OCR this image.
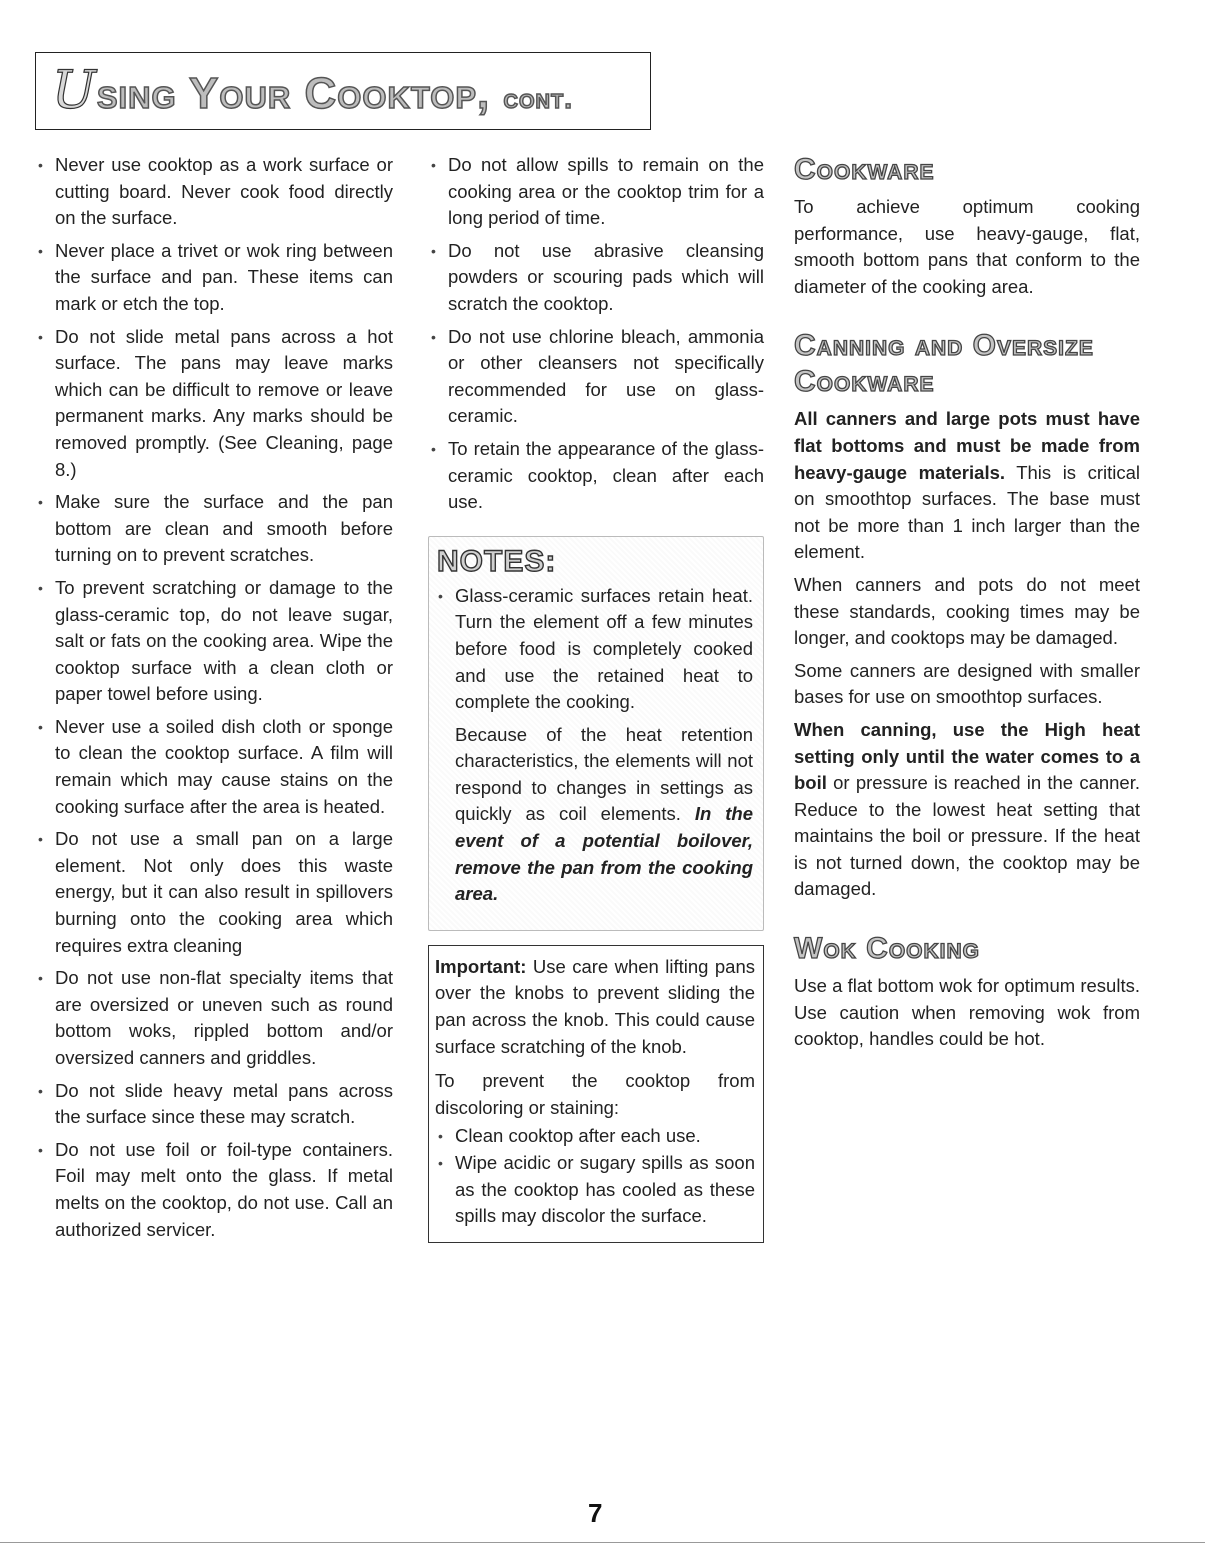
Using Your Cooktop, cont.
• Never use cooktop as a work surface or cutting board. Never cook food directly on the surface.
• Never place a trivet or wok ring between the surface and pan. These items can mark or etch the top.
• Do not slide metal pans across a hot surface. The pans may leave marks which can be difficult to remove or leave permanent marks. Any marks should be removed promptly. (See Cleaning, page 8.)
• Make sure the surface and the pan bottom are clean and smooth before turning on to prevent scratches.
• To prevent scratching or damage to the glass-ceramic top, do not leave sugar, salt or fats on the cooking area. Wipe the cooktop surface with a clean cloth or paper towel before using.
• Never use a soiled dish cloth or sponge to clean the cooktop surface. A film will remain which may cause stains on the cooking surface after the area is heated.
• Do not use a small pan on a large element. Not only does this waste energy, but it can also result in spillovers burning onto the cooking area which requires extra cleaning
• Do not use non-flat specialty items that are oversized or uneven such as round bottom woks, rippled bottom and/or oversized canners and griddles.
• Do not slide heavy metal pans across the surface since these may scratch.
• Do not use foil or foil-type containers. Foil may melt onto the glass. If metal melts on the cooktop, do not use. Call an authorized servicer.
• Do not allow spills to remain on the cooking area or the cooktop trim for a long period of time.
• Do not use abrasive cleansing powders or scouring pads which will scratch the cooktop.
• Do not use chlorine bleach, ammonia or other cleansers not specifically recommended for use on glass-ceramic.
• To retain the appearance of the glass-ceramic cooktop, clean after each use.
NOTES:
• Glass-ceramic surfaces retain heat. Turn the element off a few minutes before food is completely cooked and use the retained heat to complete the cooking.

Because of the heat retention characteristics, the elements will not respond to changes in settings as quickly as coil elements. In the event of a potential boilover, remove the pan from the cooking area.

Important: Use care when lifting pans over the knobs to prevent sliding the pan across the knob. This could cause surface scratching of the knob.

To prevent the cooktop from discoloring or staining:

• Clean cooktop after each use.
• Wipe acidic or sugary spills as soon as the cooktop has cooled as these spills may discolor the surface.
Cookware

To achieve optimum cooking performance, use heavy-gauge, flat, smooth bottom pans that conform to the diameter of the cooking area.

Canning and Oversize Cookware

All canners and large pots must have flat bottoms and must be made from heavy-gauge materials. This is critical on smoothtop surfaces. The base must not be more than 1 inch larger than the element.

When canners and pots do not meet these standards, cooking times may be longer, and cooktops may be damaged.

Some canners are designed with smaller bases for use on smoothtop surfaces.

When canning, use the High heat setting only until the water comes to a boil or pressure is reached in the canner. Reduce to the lowest heat setting that maintains the boil or pressure. If the heat is not turned down, the cooktop may be damaged.

Wok Cooking

Use a flat bottom wok for optimum results. Use caution when removing wok from cooktop, handles could be hot.

7
